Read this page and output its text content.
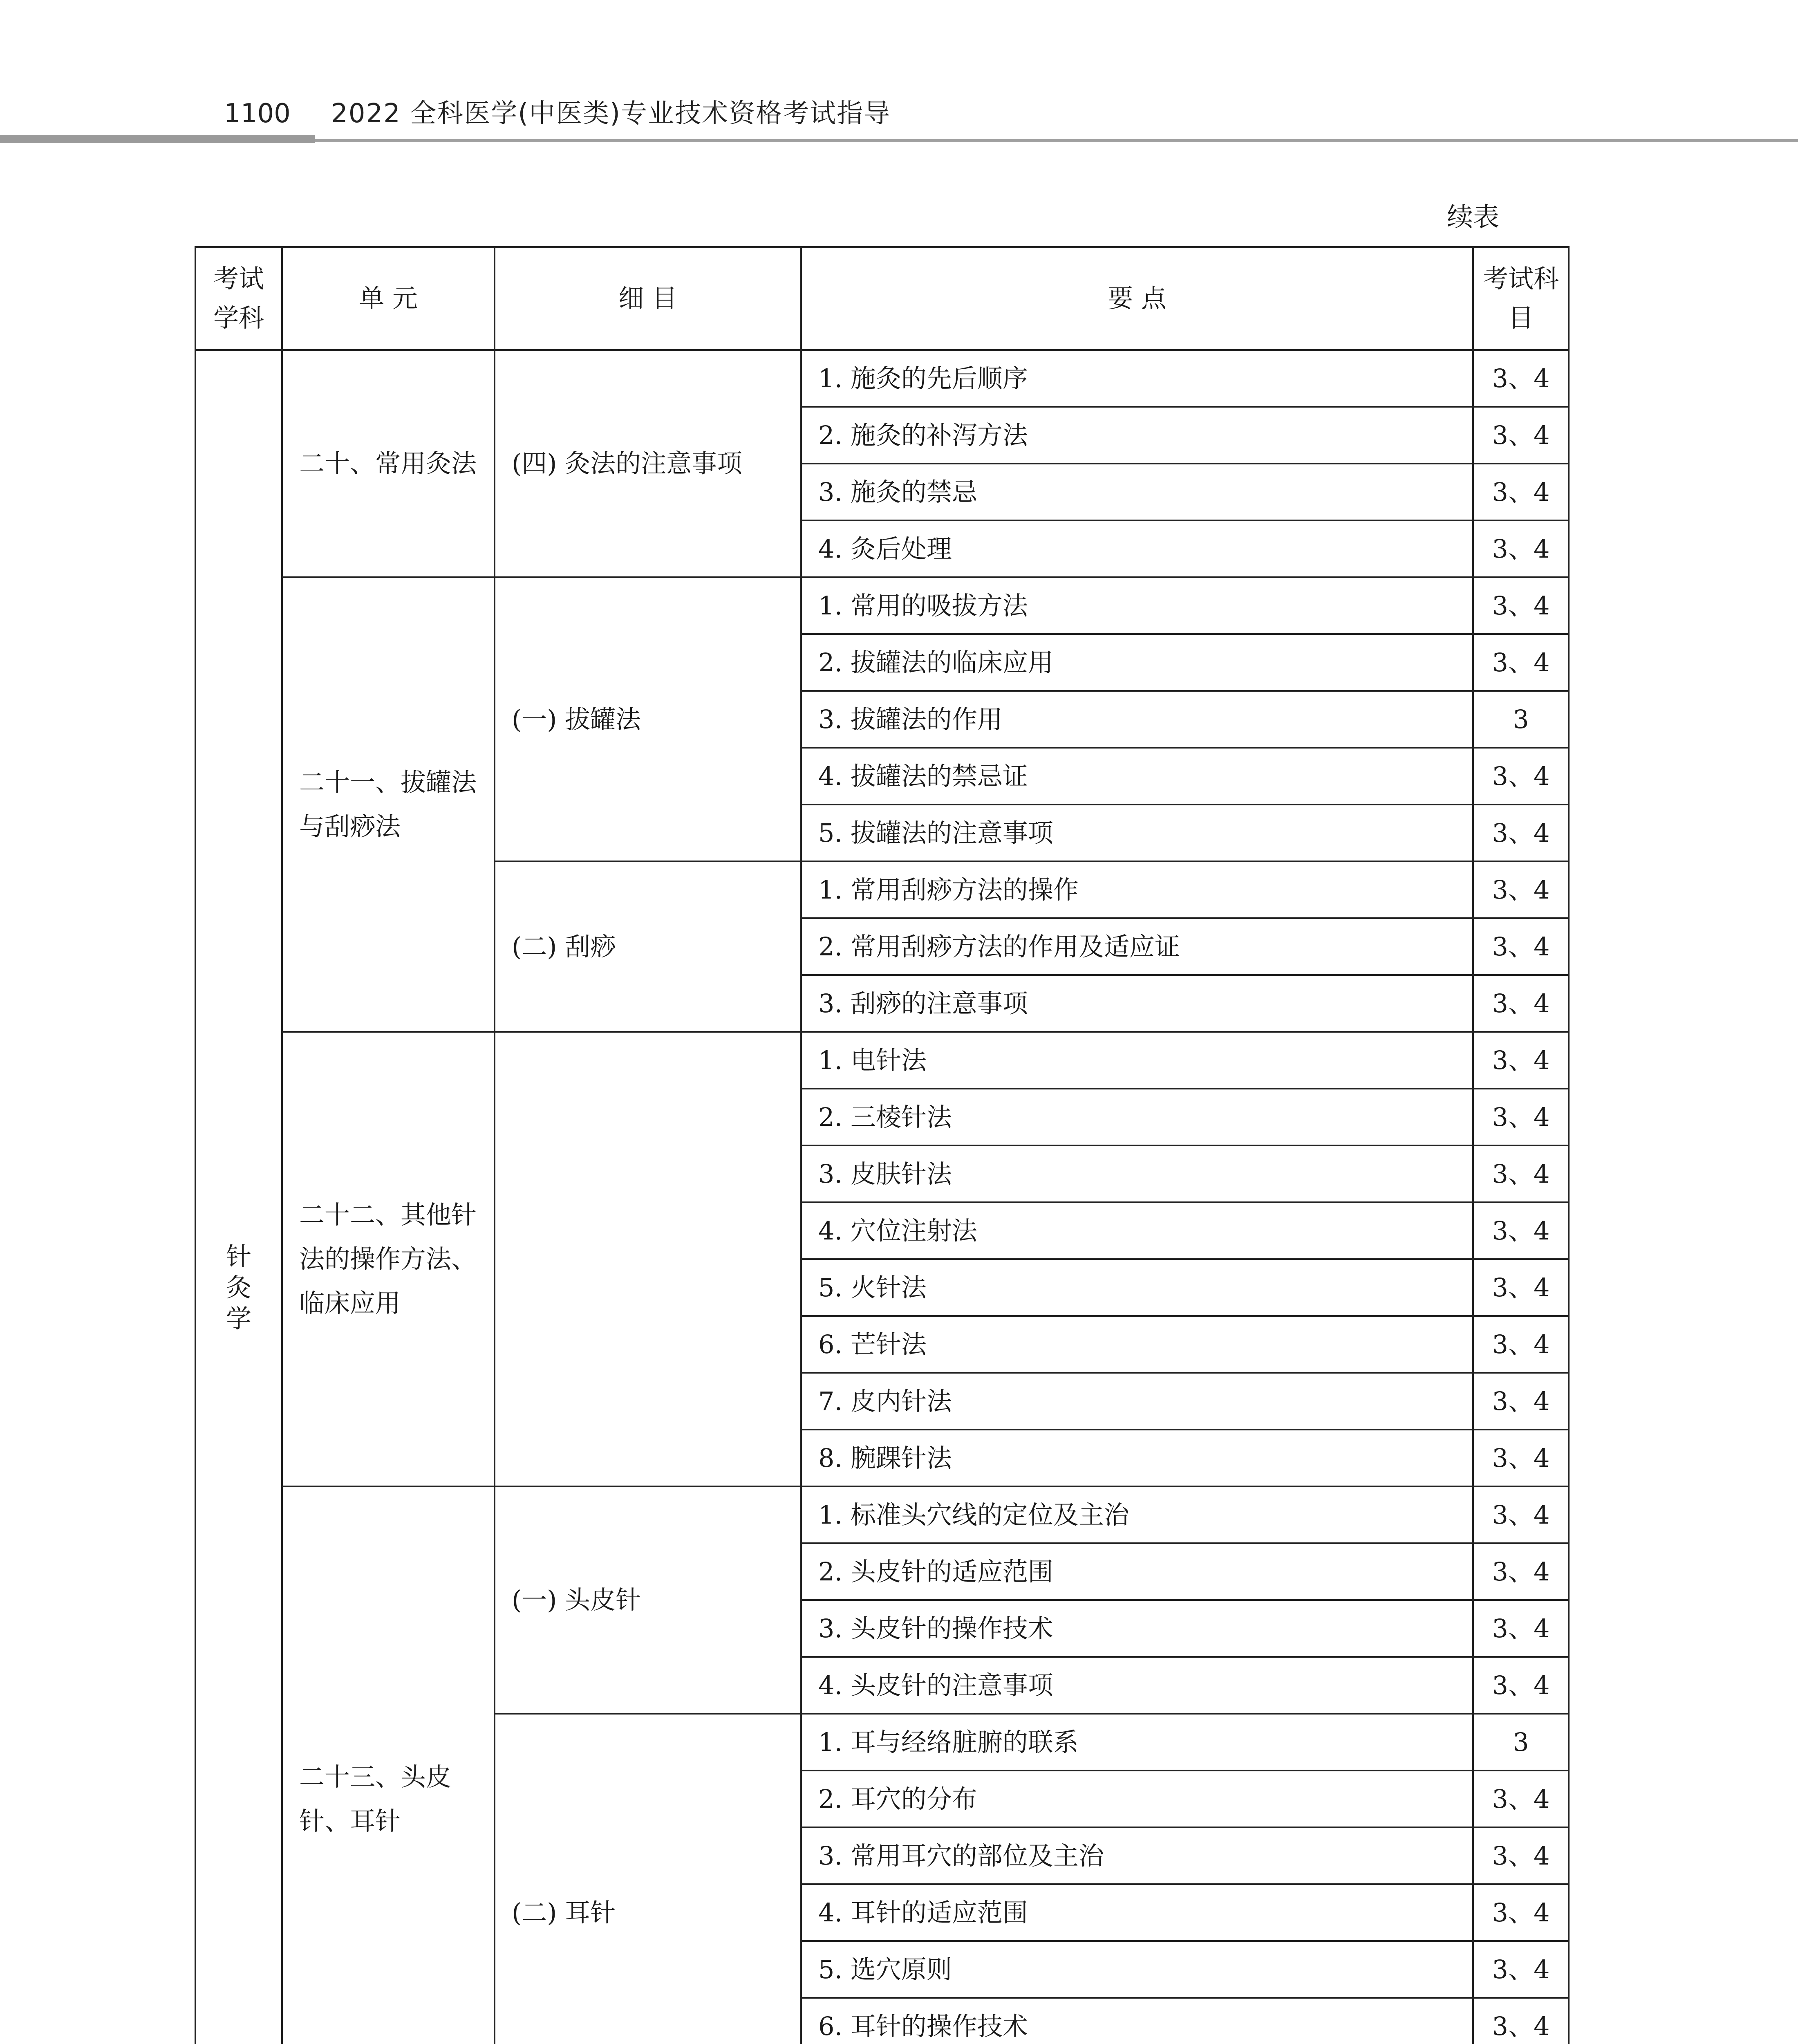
1100 2022 全科医学(中医类)专业技术资格考试指导
续表
考试学科	单 元	细 目	要 点	考试科目
针灸学	二十、常用灸法	(四) 灸法的注意事项	1. 施灸的先后顺序	3、4
			2. 施灸的补泻方法	3、4
			3. 施灸的禁忌	3、4
			4. 灸后处理	3、4
	二十一、拔罐法与刮痧法	(一) 拔罐法	1. 常用的吸拔方法	3、4
			2. 拔罐法的临床应用	3、4
			3. 拔罐法的作用	3
			4. 拔罐法的禁忌证	3、4
			5. 拔罐法的注意事项	3、4
		(二) 刮痧	1. 常用刮痧方法的操作	3、4
			2. 常用刮痧方法的作用及适应证	3、4
			3. 刮痧的注意事项	3、4
	二十二、其他针法的操作方法、临床应用		1. 电针法	3、4
			2. 三棱针法	3、4
			3. 皮肤针法	3、4
			4. 穴位注射法	3、4
			5. 火针法	3、4
			6. 芒针法	3、4
			7. 皮内针法	3、4
			8. 腕踝针法	3、4
	二十三、头皮针、耳针	(一) 头皮针	1. 标准头穴线的定位及主治	3、4
			2. 头皮针的适应范围	3、4
			3. 头皮针的操作技术	3、4
			4. 头皮针的注意事项	3、4
		(二) 耳针	1. 耳与经络脏腑的联系	3
			2. 耳穴的分布	3、4
			3. 常用耳穴的部位及主治	3、4
			4. 耳针的适应范围	3、4
			5. 选穴原则	3、4
			6. 耳针的操作技术	3、4
